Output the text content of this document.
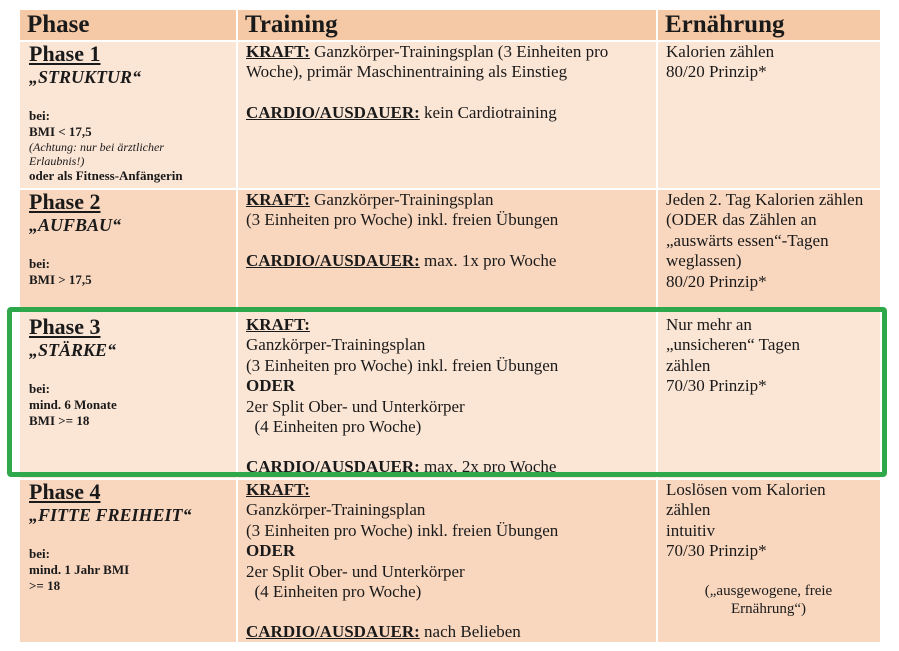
Phase	Training	Ernährung
Phase 1
„STRUKTUR“
bei:
BMI < 17,5
(Achtung: nur bei ärztlicher Erlaubnis!)
oder als Fitness-Anfängerin
KRAFT: Ganzkörper-Trainingsplan (3 Einheiten pro Woche), primär Maschinentraining als Einstieg
CARDIO/AUSDAUER: kein Cardiotraining
Kalorien zählen
80/20 Prinzip*
Phase 2
„AUFBAU“
bei:
BMI > 17,5
KRAFT: Ganzkörper-Trainingsplan
(3 Einheiten pro Woche) inkl. freien Übungen
CARDIO/AUSDAUER: max. 1x pro Woche
Jeden 2. Tag Kalorien zählen (ODER das Zählen an „auswärts essen“-Tagen weglassen)
80/20 Prinzip*
Phase 3
„STÄRKE“
bei:
mind. 6 Monate
BMI >= 18
KRAFT:
Ganzkörper-Trainingsplan
(3 Einheiten pro Woche) inkl. freien Übungen
ODER
2er Split Ober- und Unterkörper
(4 Einheiten pro Woche)
CARDIO/AUSDAUER: max. 2x pro Woche
Nur mehr an „unsicheren“ Tagen zählen
70/30 Prinzip*
Phase 4
„FITTE FREIHEIT“
bei:
mind. 1 Jahr BMI
>= 18
KRAFT:
Ganzkörper-Trainingsplan
(3 Einheiten pro Woche) inkl. freien Übungen
ODER
2er Split Ober- und Unterkörper
(4 Einheiten pro Woche)
CARDIO/AUSDAUER: nach Belieben
Loslösen vom Kalorien zählen
intuitiv
70/30 Prinzip*
(„ausgewogene, freie Ernährung“)
